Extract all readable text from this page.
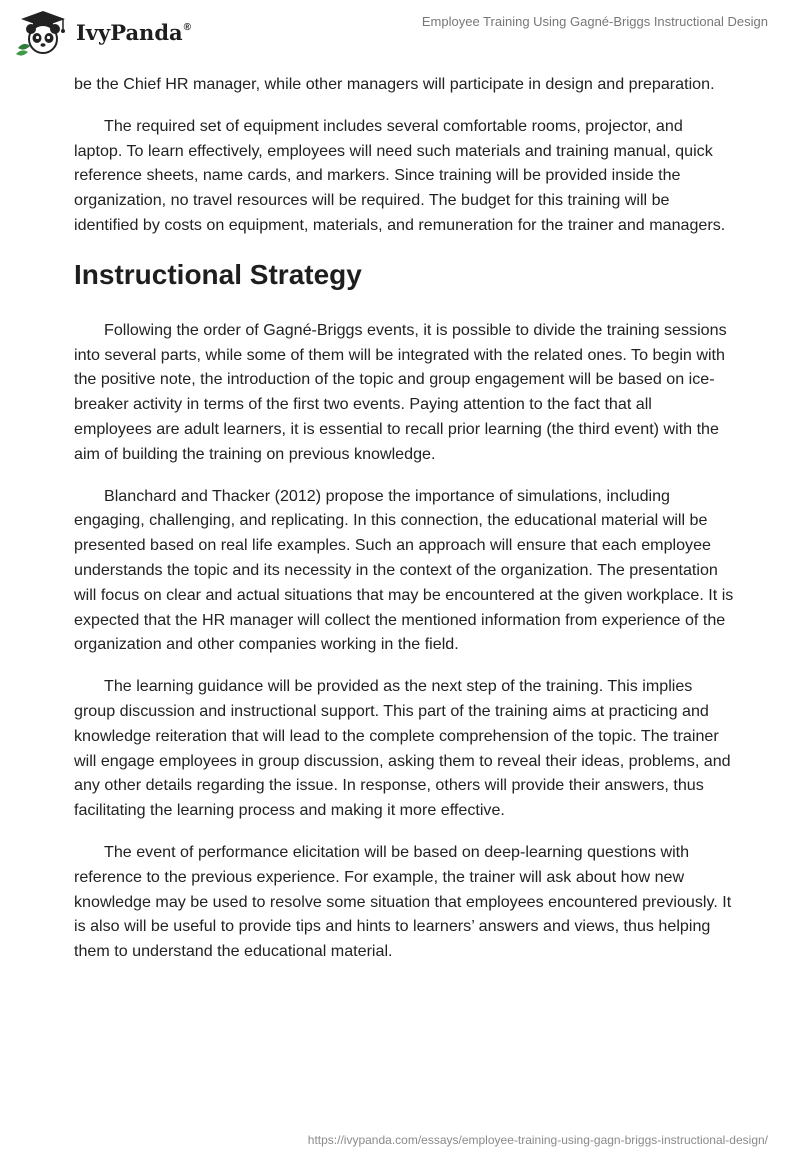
IvyPanda®	Employee Training Using Gagné-Briggs Instructional Design

be the Chief HR manager, while other managers will participate in design and preparation.

The required set of equipment includes several comfortable rooms, projector, and laptop. To learn effectively, employees will need such materials and training manual, quick reference sheets, name cards, and markers. Since training will be provided inside the organization, no travel resources will be required. The budget for this training will be identified by costs on equipment, materials, and remuneration for the trainer and managers.

Instructional Strategy

Following the order of Gagné-Briggs events, it is possible to divide the training sessions into several parts, while some of them will be integrated with the related ones. To begin with the positive note, the introduction of the topic and group engagement will be based on ice-breaker activity in terms of the first two events. Paying attention to the fact that all employees are adult learners, it is essential to recall prior learning (the third event) with the aim of building the training on previous knowledge.

Blanchard and Thacker (2012) propose the importance of simulations, including engaging, challenging, and replicating. In this connection, the educational material will be presented based on real life examples. Such an approach will ensure that each employee understands the topic and its necessity in the context of the organization. The presentation will focus on clear and actual situations that may be encountered at the given workplace. It is expected that the HR manager will collect the mentioned information from experience of the organization and other companies working in the field.

The learning guidance will be provided as the next step of the training. This implies group discussion and instructional support. This part of the training aims at practicing and knowledge reiteration that will lead to the complete comprehension of the topic. The trainer will engage employees in group discussion, asking them to reveal their ideas, problems, and any other details regarding the issue. In response, others will provide their answers, thus facilitating the learning process and making it more effective.

The event of performance elicitation will be based on deep-learning questions with reference to the previous experience. For example, the trainer will ask about how new knowledge may be used to resolve some situation that employees encountered previously. It is also will be useful to provide tips and hints to learners’ answers and views, thus helping them to understand the educational material.

https://ivypanda.com/essays/employee-training-using-gagn-briggs-instructional-design/
